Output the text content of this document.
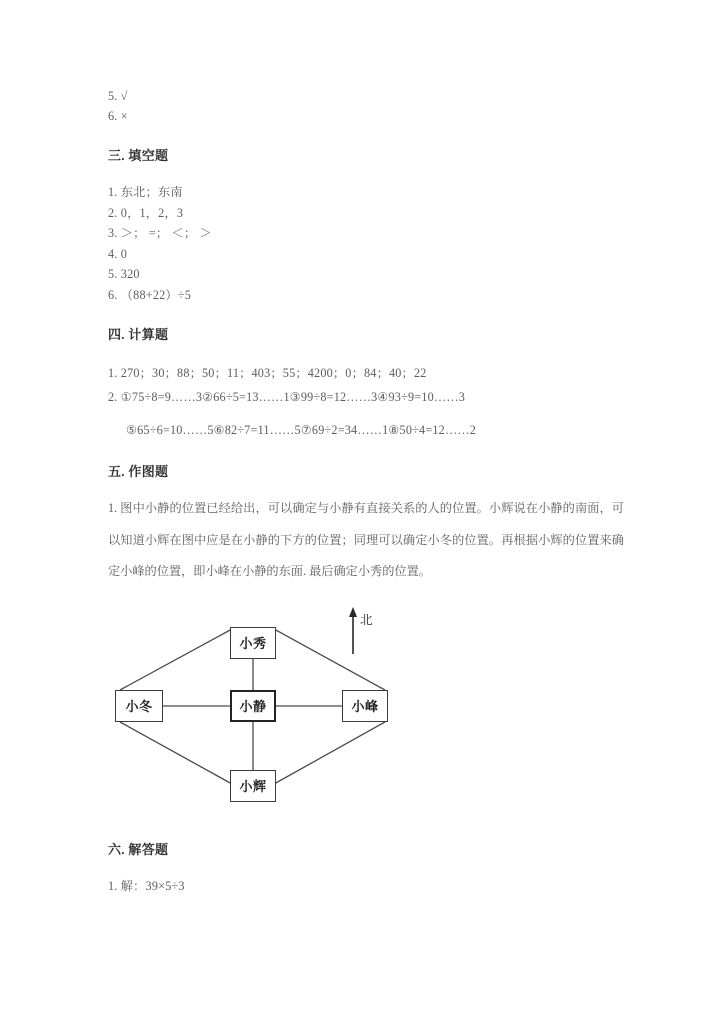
5. √
6. ×
三. 填空题
1. 东北；东南
2. 0，1，2，3
3. ＞； =； ＜； ＞
4. 0
5. 320
6. （88+22）÷5
四. 计算题
1. 270；30；88；50；11；403；55；4200；0；84；40；22
2. ①75÷8=9……3②66÷5=13……1③99÷8=12……3④93÷9=10……3
⑤65÷6=10……5⑥82÷7=11……5⑦69÷2=34……1⑧50÷4=12……2
五. 作图题
1. 图中小静的位置已经给出，可以确定与小静有直接关系的人的位置。小辉说在小静的南面，可以知道小辉在图中应是在小静的下方的位置；同理可以确定小冬的位置。再根据小辉的位置来确定小峰的位置，即小峰在小静的东面. 最后确定小秀的位置。
小冬
小秀
小静	小峰
小辉
北
六. 解答题
1. 解：39×5÷3
